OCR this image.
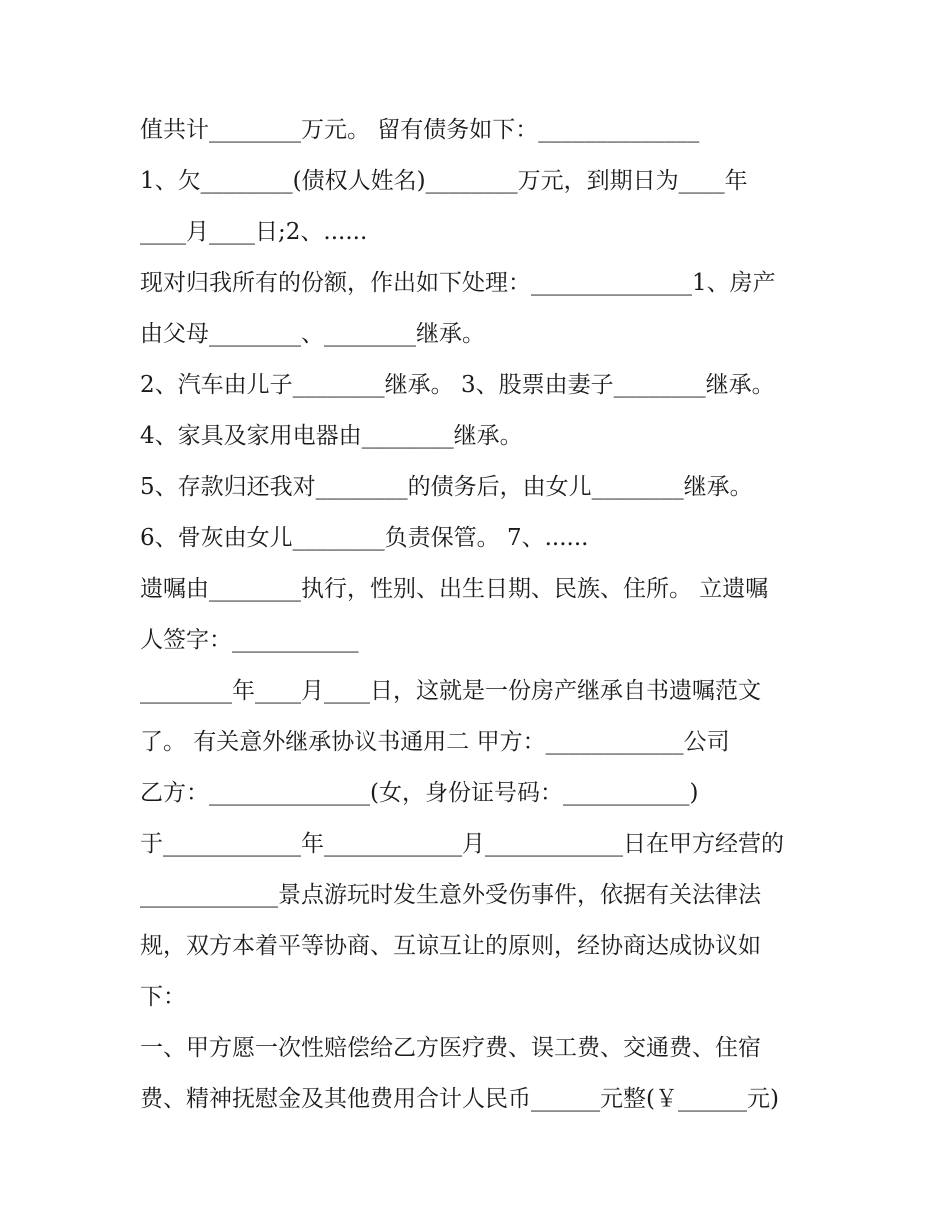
值共计________万元。 留有债务如下：______________
1、欠________(债权人姓名)________万元，到期日为____年
____月____日;2、......
现对归我所有的份额，作出如下处理：______________1、房产
由父母________、________继承。
2、汽车由儿子________继承。 3、股票由妻子________继承。
4、家具及家用电器由________继承。
5、存款归还我对________的债务后，由女儿________继承。
6、骨灰由女儿________负责保管。 7、......
遗嘱由________执行，性别、出生日期、民族、住所。 立遗嘱
人签字：___________
________年____月____日，这就是一份房产继承自书遗嘱范文
了。 有关意外继承协议书通用二 甲方：____________公司
乙方：______________(女，身份证号码：___________)
于____________年____________月____________日在甲方经营的
____________景点游玩时发生意外受伤事件，依据有关法律法
规，双方本着平等协商、互谅互让的原则，经协商达成协议如
下：
一、甲方愿一次性赔偿给乙方医疗费、误工费、交通费、住宿
费、精神抚慰金及其他费用合计人民币______元整(￥______元)
